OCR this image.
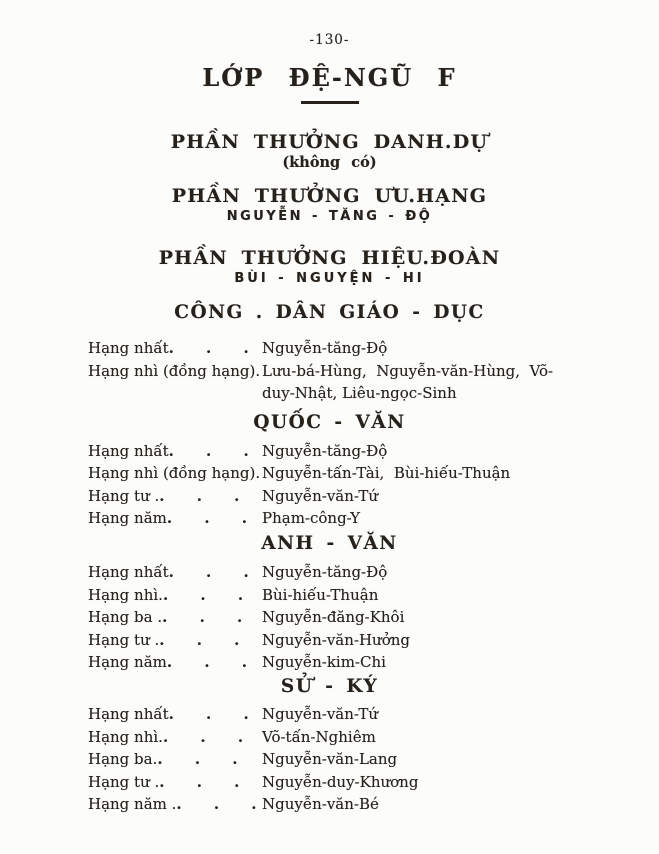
-130-
LỚP ĐỆ-NGŨ F
PHẦN THƯỞNG DANH.DỰ
(không có)
PHẦN THƯỞNG ƯU.HẠNG
NGUYỄN - TĂNG - ĐỘ
PHẦN THƯỞNG HIỆU.ĐOÀN
BÙI - NGUYỆN - HI
CÔNG . DÂN GIÁO - DỤC
Hạng nhất . . . Nguyễn-tăng-Độ
Hạng nhì (đồng hạng). Lưu-bá-Hùng,  Nguyễn-văn-Hùng,  Võ-
duy-Nhật, Liêu-ngọc-Sinh
QUỐC - VĂN
Hạng nhất . . . Nguyễn-tăng-Độ
Hạng nhì (đồng hạng). Nguyễn-tấn-Tài,  Bùi-hiếu-Thuận
Hạng tư . . . . Nguyễn-văn-Tứ
Hạng năm . . . Phạm-công-Y
ANH - VĂN
Hạng nhất . . . Nguyễn-tăng-Độ
Hạng nhì. . . . Bùi-hiếu-Thuận
Hạng ba . . . . Nguyễn-đăng-Khôi
Hạng tư . . . . Nguyễn-văn-Hưởng
Hạng năm . . . Nguyễn-kim-Chi
SỬ - KÝ
Hạng nhất . . . Nguyễn-văn-Tứ
Hạng nhì. . . . Võ-tấn-Nghiêm
Hạng ba. . . . Nguyễn-văn-Lang
Hạng tư . . . . Nguyễn-duy-Khương
Hạng năm . . . . Nguyễn-văn-Bé
